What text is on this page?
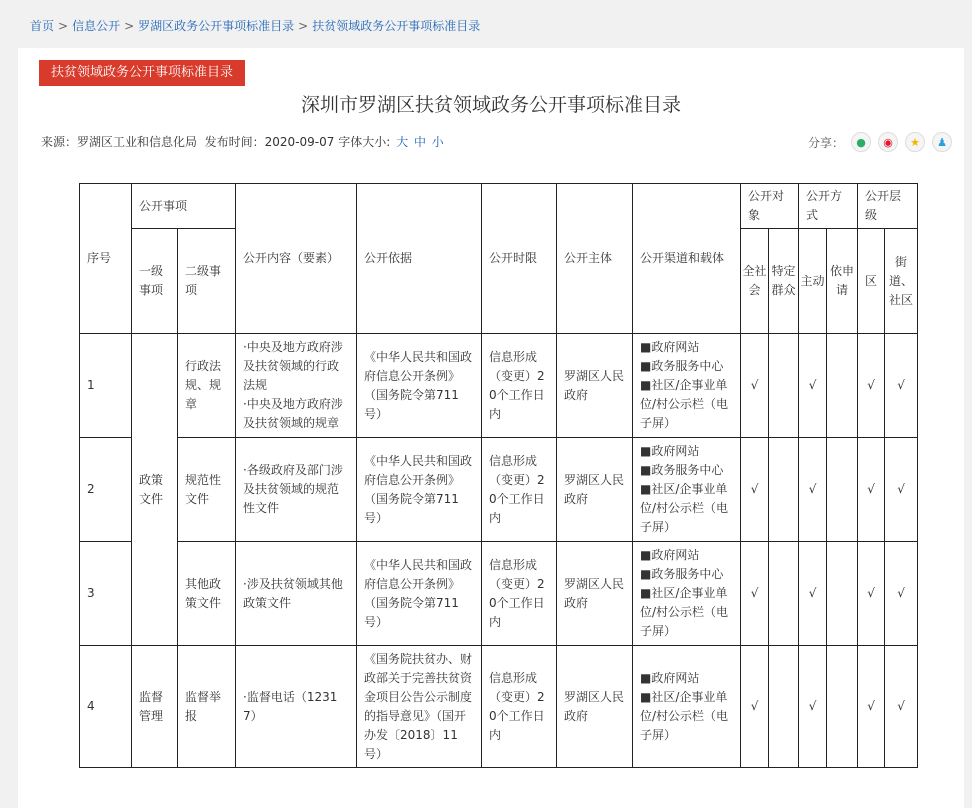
首页 > 信息公开 > 罗湖区政务公开事项标准目录 > 扶贫领域政务公开事项标准目录
扶贫领域政务公开事项标准目录
深圳市罗湖区扶贫领域政务公开事项标准目录
来源：罗湖区工业和信息化局 发布时间：2020-09-07 字体大小: 大 中 小	分享：	●	◉	★	♟
序号	公开事项		公开内容（要素）	公开依据	公开时限	公开主体	公开渠道和载体	公开对象		公开方式		公开层级	
	一级事项	二级事项						全社会	特定群众	主动	依申请	区	街道、社区
1	政策文件	行政法规、规章	·中央及地方政府涉及扶贫领域的行政法规
·中央及地方政府涉及扶贫领域的规章	《中华人民共和国政府信息公开条例》（国务院令第711号）	信息形成（变更）20个工作日内	罗湖区人民政府	■政府网站
■政务服务中心
■社区/企事业单位/村公示栏（电子屏）	√		√		√	√
2		规范性文件	·各级政府及部门涉及扶贫领域的规范性文件	《中华人民共和国政府信息公开条例》（国务院令第711号）	信息形成（变更）20个工作日内	罗湖区人民政府	■政府网站
■政务服务中心
■社区/企事业单位/村公示栏（电子屏）	√		√		√	√
3		其他政策文件	·涉及扶贫领域其他政策文件	《中华人民共和国政府信息公开条例》（国务院令第711号）	信息形成（变更）20个工作日内	罗湖区人民政府	■政府网站
■政务服务中心
■社区/企事业单位/村公示栏（电子屏）	√		√		√	√
4	监督管理	监督举报	·监督电话（12317）	《国务院扶贫办、财政部关于完善扶贫资金项目公告公示制度的指导意见》（国开办发〔2018〕11号）	信息形成（变更）20个工作日内	罗湖区人民政府	■政府网站
■社区/企事业单位/村公示栏（电子屏）	√		√		√	√
